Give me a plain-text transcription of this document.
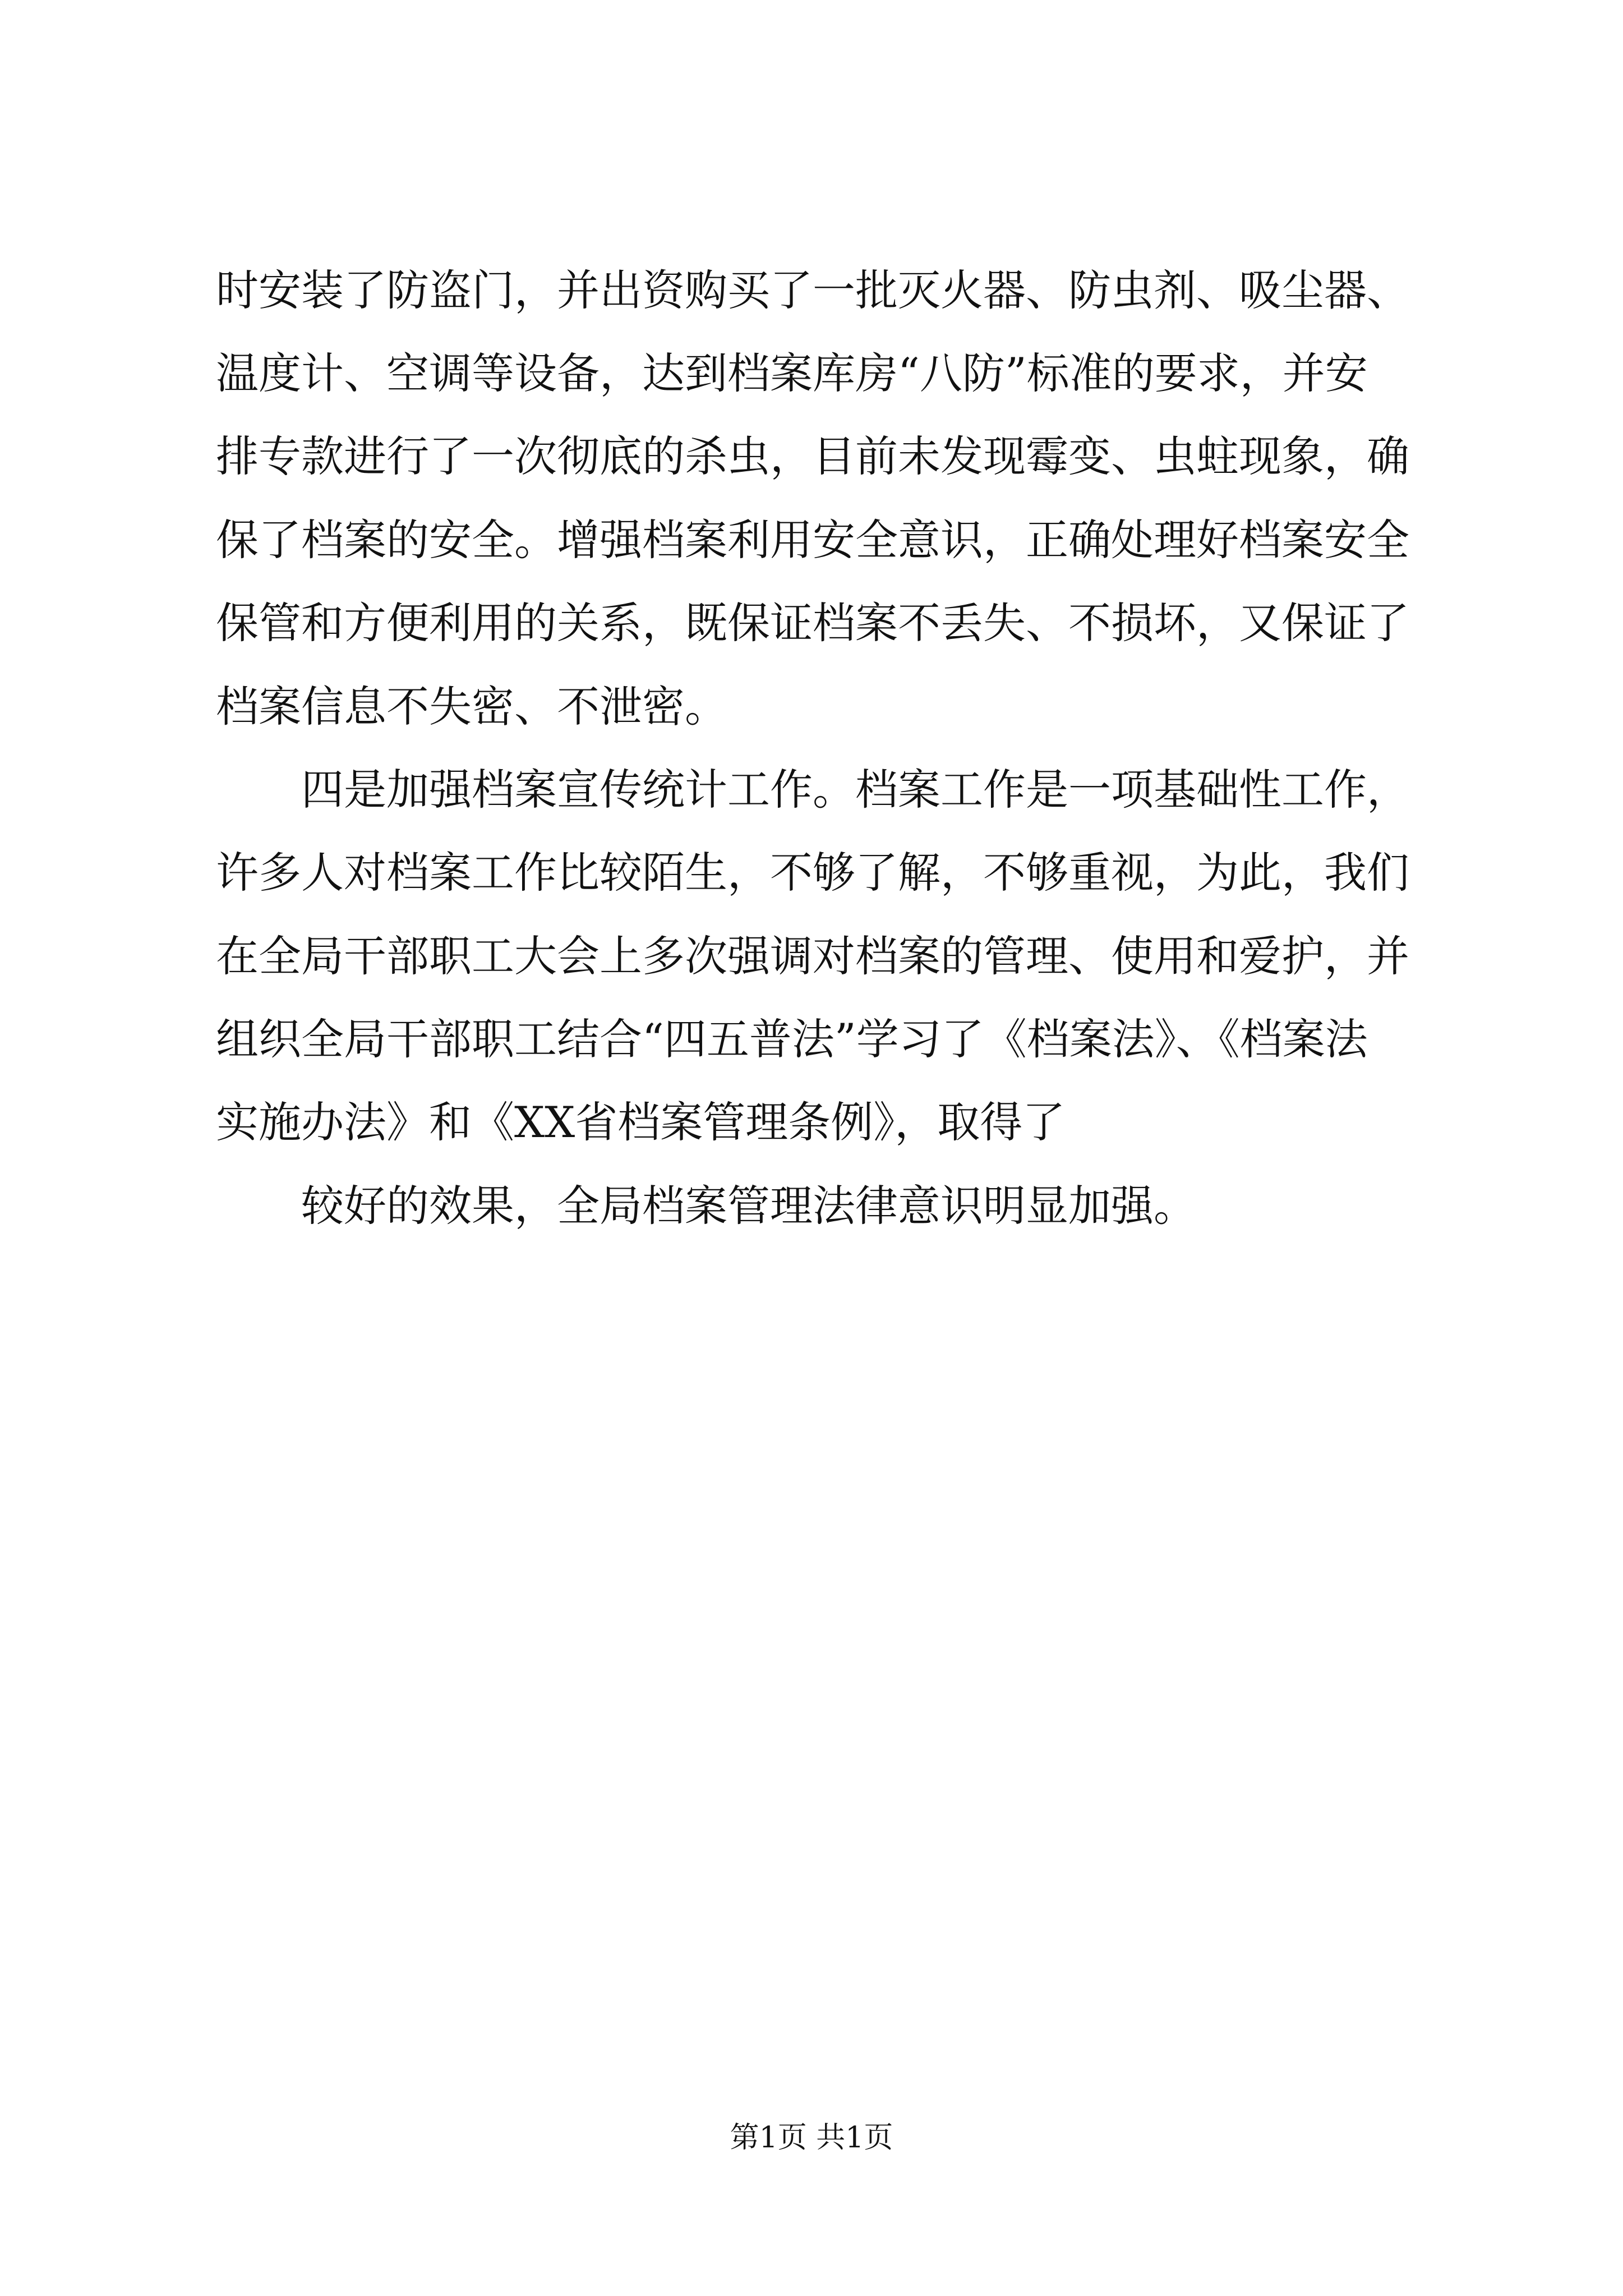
时安装了防盗门，并出资购买了一批灭火器、防虫剂、吸尘器、
温度计、空调等设备，达到档案库房“八防”标准的要求，并安
排专款进行了一次彻底的杀虫，目前未发现霉变、虫蛀现象，确
保了档案的安全。增强档案利用安全意识，正确处理好档案安全
保管和方便利用的关系，既保证档案不丢失、不损坏，又保证了
档案信息不失密、不泄密。
四是加强档案宣传统计工作。档案工作是一项基础性工作，
许多人对档案工作比较陌生，不够了解，不够重视，为此，我们
在全局干部职工大会上多次强调对档案的管理、使用和爱护，并
组织全局干部职工结合“四五普法”学习了《档案法》、《档案法
实施办法》和《XX省档案管理条例》，取得了
较好的效果，全局档案管理法律意识明显加强。
第1页 共1页
